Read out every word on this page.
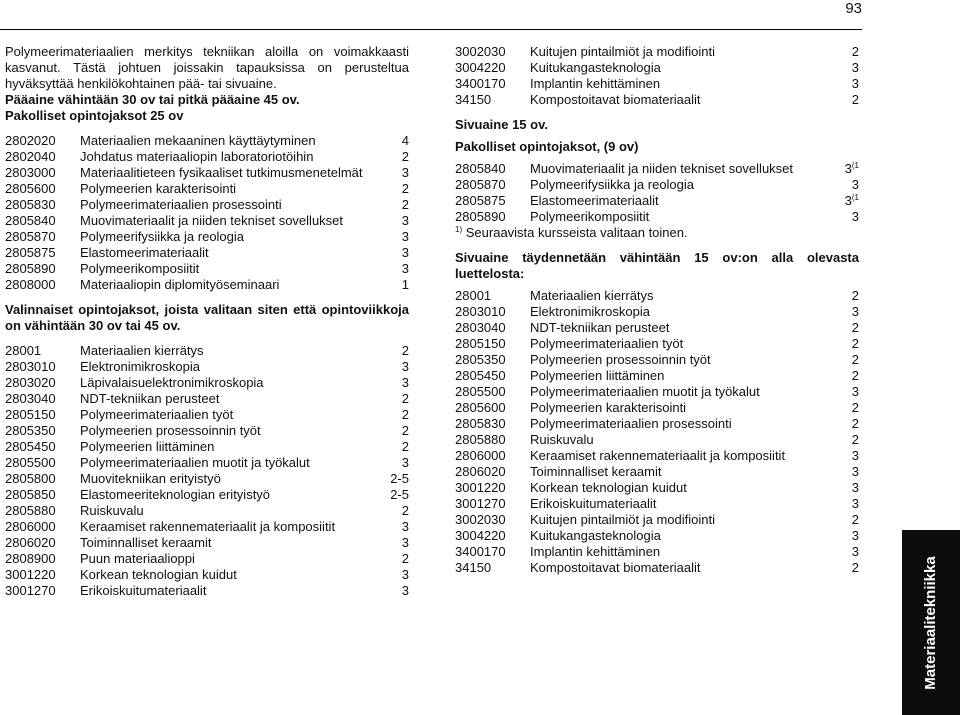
93

Polymeerimateriaalien merkitys tekniikan aloilla on voimakkaasti kasvanut. Tästä johtuen joissakin tapauksissa on perusteltua hyväksyttää henkilökohtainen pää- tai sivuaine.

Pääaine vähintään 30 ov tai pitkä pääaine 45 ov.

Pakolliset opintojaksot 25 ov

2802020	Materiaalien mekaaninen käyttäytyminen	4
2802040	Johdatus materiaaliopin laboratoriotöihin	2
2803000	Materiaalitieteen fysikaaliset tutkimusmenetelmät	3
2805600	Polymeerien karakterisointi	2
2805830	Polymeerimateriaalien prosessointi	2
2805840	Muovimateriaalit ja niiden tekniset sovellukset	3
2805870	Polymeerifysiikka ja reologia	3
2805875	Elastomeerimateriaalit	3
2805890	Polymeerikomposiitit	3
2808000	Materiaaliopin diplomityöseminaari	1

Valinnaiset opintojaksot, joista valitaan siten että opintoviikkoja on vähintään 30 ov tai 45 ov.

28001	Materiaalien kierrätys	2
2803010	Elektronimikroskopia	3
2803020	Läpivalaisuelektronimikroskopia	3
2803040	NDT-tekniikan perusteet	2
2805150	Polymeerimateriaalien työt	2
2805350	Polymeerien prosessoinnin työt	2
2805450	Polymeerien liittäminen	2
2805500	Polymeerimateriaalien muotit ja työkalut	3
2805800	Muovitekniikan erityistyö	2-5
2805850	Elastomeeriteknologian erityistyö	2-5
2805880	Ruiskuvalu	2
2806000	Keraamiset rakennemateriaalit ja komposiitit	3
2806020	Toiminnalliset keraamit	3
2808900	Puun materiaalioppi	2
3001220	Korkean teknologian kuidut	3
3001270	Erikoiskuitumateriaalit	3
3002030	Kuitujen pintailmiöt ja modifiointi	2
3004220	Kuitukangasteknologia	3
3400170	Implantin kehittäminen	3
34150	Kompostoitavat biomateriaalit	2

Sivuaine 15 ov.

Pakolliset opintojaksot, (9 ov)

2805840	Muovimateriaalit ja niiden tekniset sovellukset	3$^{(1}$
2805870	Polymeerifysiikka ja reologia	3
2805875	Elastomeerimateriaalit	3$^{(1}$
2805890	Polymeerikomposiitit	3

$^{1)}$ Seuraavista kursseista valitaan toinen.

Sivuaine täydennetään vähintään 15 ov:on alla olevasta luettelosta:

28001	Materiaalien kierrätys	2
2803010	Elektronimikroskopia	3
2803040	NDT-tekniikan perusteet	2
2805150	Polymeerimateriaalien työt	2
2805350	Polymeerien prosessoinnin työt	2
2805450	Polymeerien liittäminen	2
2805500	Polymeerimateriaalien muotit ja työkalut	3
2805600	Polymeerien karakterisointi	2
2805830	Polymeerimateriaalien prosessointi	2
2805880	Ruiskuvalu	2
2806000	Keraamiset rakennemateriaalit ja komposiitit	3
2806020	Toiminnalliset keraamit	3
3001220	Korkean teknologian kuidut	3
3001270	Erikoiskuitumateriaalit	3
3002030	Kuitujen pintailmiöt ja modifiointi	2
3004220	Kuitukangasteknologia	3
3400170	Implantin kehittäminen	3
34150	Kompostoitavat biomateriaalit	2	Materiaalitekniikka
